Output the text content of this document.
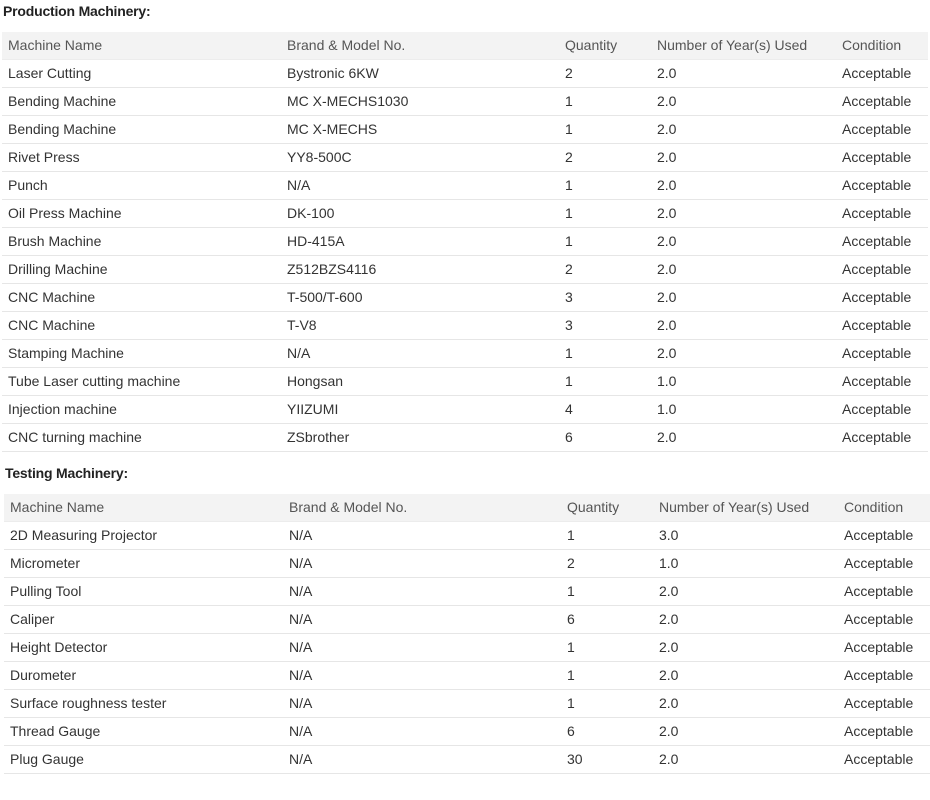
Production Machinery:
Machine Name	Brand & Model No.	Quantity	Number of Year(s) Used	Condition
Laser Cutting	Bystronic 6KW	2	2.0	Acceptable
Bending Machine	MC X-MECHS1030	1	2.0	Acceptable
Bending Machine	MC X-MECHS	1	2.0	Acceptable
Rivet Press	YY8-500C	2	2.0	Acceptable
Punch	N/A	1	2.0	Acceptable
Oil Press Machine	DK-100	1	2.0	Acceptable
Brush Machine	HD-415A	1	2.0	Acceptable
Drilling Machine	Z512BZS4116	2	2.0	Acceptable
CNC Machine	T-500/T-600	3	2.0	Acceptable
CNC Machine	T-V8	3	2.0	Acceptable
Stamping Machine	N/A	1	2.0	Acceptable
Tube Laser cutting machine	Hongsan	1	1.0	Acceptable
Injection machine	YIIZUMI	4	1.0	Acceptable
CNC turning machine	ZSbrother	6	2.0	Acceptable
Testing Machinery:
Machine Name	Brand & Model No.	Quantity	Number of Year(s) Used	Condition
2D Measuring Projector	N/A	1	3.0	Acceptable
Micrometer	N/A	2	1.0	Acceptable
Pulling Tool	N/A	1	2.0	Acceptable
Caliper	N/A	6	2.0	Acceptable
Height Detector	N/A	1	2.0	Acceptable
Durometer	N/A	1	2.0	Acceptable
Surface roughness tester	N/A	1	2.0	Acceptable
Thread Gauge	N/A	6	2.0	Acceptable
Plug Gauge	N/A	30	2.0	Acceptable
